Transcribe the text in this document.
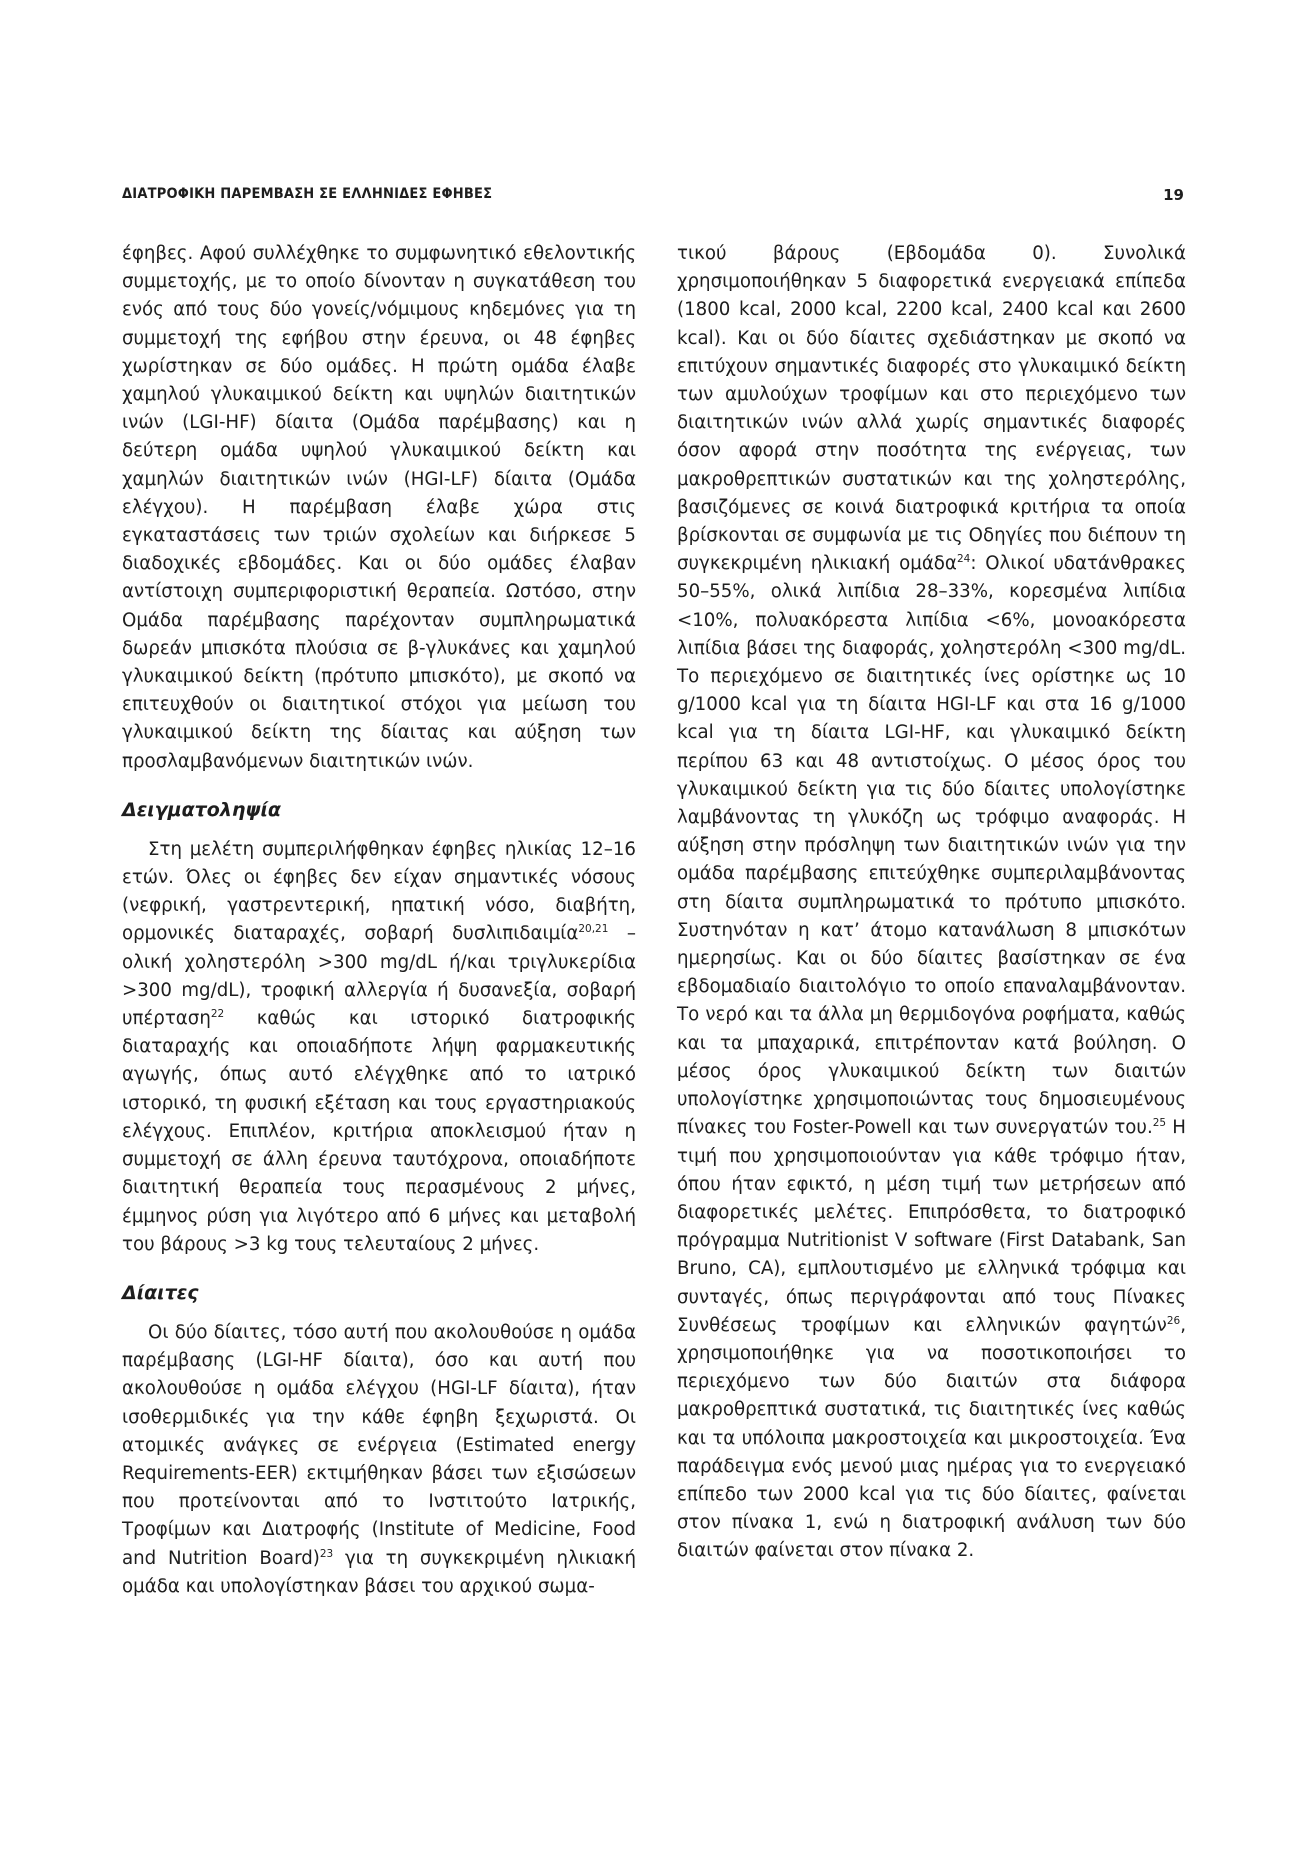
ΔΙΑΤΡΟΦΙΚΗ ΠΑΡΕΜΒΑΣΗ ΣΕ ΕΛΛΗΝΙΔΕΣ ΕΦΗΒΕΣ	19

έφηβες. Αφού συλλέχθηκε το συμφωνητικό εθελοντικής συμμετοχής, με το οποίο δίνονταν η συγκατάθεση του ενός από τους δύο γονείς/νόμιμους κηδεμόνες για τη συμμετοχή της εφήβου στην έρευνα, οι 48 έφηβες χωρίστηκαν σε δύο ομάδες. Η πρώτη ομάδα έλαβε χαμηλού γλυκαιμικού δείκτη και υψηλών διαιτητικών ινών (LGI-HF) δίαιτα (Ομάδα παρέμβασης) και η δεύτερη ομάδα υψηλού γλυκαιμικού δείκτη και χαμηλών διαιτητικών ινών (HGI-LF) δίαιτα (Ομάδα ελέγχου). Η παρέμβαση έλαβε χώρα στις εγκαταστάσεις των τριών σχολείων και διήρκεσε 5 διαδοχικές εβδομάδες. Και οι δύο ομάδες έλαβαν αντίστοιχη συμπεριφοριστική θεραπεία. Ωστόσο, στην Ομάδα παρέμβασης παρέχονταν συμπληρωματικά δωρεάν μπισκότα πλούσια σε β-γλυκάνες και χαμηλού γλυκαιμικού δείκτη (πρότυπο μπισκότο), με σκοπό να επιτευχθούν οι διαιτητικοί στόχοι για μείωση του γλυκαιμικού δείκτη της δίαιτας και αύξηση των προσλαμβανόμενων διαιτητικών ινών.

Δειγματοληψία

Στη μελέτη συμπεριλήφθηκαν έφηβες ηλικίας 12–16 ετών. Όλες οι έφηβες δεν είχαν σημαντικές νόσους (νεφρική, γαστρεντερική, ηπατική νόσο, διαβήτη, ορμονικές διαταραχές, σοβαρή δυσλιπιδαιμία$^{20,21}$ – ολική χοληστερόλη >300 mg/dL ή/και τριγλυκερίδια >300 mg/dL), τροφική αλλεργία ή δυσανεξία, σοβαρή υπέρταση$^{22}$ καθώς και ιστορικό διατροφικής διαταραχής και οποιαδήποτε λήψη φαρμακευτικής αγωγής, όπως αυτό ελέγχθηκε από το ιατρικό ιστορικό, τη φυσική εξέταση και τους εργαστηριακούς ελέγχους. Επιπλέον, κριτήρια αποκλεισμού ήταν η συμμετοχή σε άλλη έρευνα ταυτόχρονα, οποιαδήποτε διαιτητική θεραπεία τους περασμένους 2 μήνες, έμμηνος ρύση για λιγότερο από 6 μήνες και μεταβολή του βάρους >3 kg τους τελευταίους 2 μήνες.

Δίαιτες

Οι δύο δίαιτες, τόσο αυτή που ακολουθούσε η ομάδα παρέμβασης (LGI-HF δίαιτα), όσο και αυτή που ακολουθούσε η ομάδα ελέγχου (HGI-LF δίαιτα), ήταν ισοθερμιδικές για την κάθε έφηβη ξεχωριστά. Οι ατομικές ανάγκες σε ενέργεια (Estimated energy Requirements-EER) εκτιμήθηκαν βάσει των εξισώσεων που προτείνονται από το Ινστιτούτο Ιατρικής, Τροφίμων και Διατροφής (Institute of Medicine, Food and Nutrition Board)$^{23}$ για τη συγκεκριμένη ηλικιακή ομάδα και υπολογίστηκαν βάσει του αρχικού σωμα-

τικού βάρους (Εβδομάδα 0). Συνολικά χρησιμοποιήθηκαν 5 διαφορετικά ενεργειακά επίπεδα (1800 kcal, 2000 kcal, 2200 kcal, 2400 kcal και 2600 kcal). Και οι δύο δίαιτες σχεδιάστηκαν με σκοπό να επιτύχουν σημαντικές διαφορές στο γλυκαιμικό δείκτη των αμυλούχων τροφίμων και στο περιεχόμενο των διαιτητικών ινών αλλά χωρίς σημαντικές διαφορές όσον αφορά στην ποσότητα της ενέργειας, των μακροθρεπτικών συστατικών και της χοληστερόλης, βασιζόμενες σε κοινά διατροφικά κριτήρια τα οποία βρίσκονται σε συμφωνία με τις Οδηγίες που διέπουν τη συγκεκριμένη ηλικιακή ομάδα$^{24}$: Ολικοί υδατάνθρακες 50–55%, ολικά λιπίδια 28–33%, κορεσμένα λιπίδια <10%, πολυακόρεστα λιπίδια <6%, μονοακόρεστα λιπίδια βάσει της διαφοράς, χοληστερόλη <300 mg/dL. Το περιεχόμενο σε διαιτητικές ίνες ορίστηκε ως 10 g/1000 kcal για τη δίαιτα HGI-LF και στα 16 g/1000 kcal για τη δίαιτα LGI-HF, και γλυκαιμικό δείκτη περίπου 63 και 48 αντιστοίχως. Ο μέσος όρος του γλυκαιμικού δείκτη για τις δύο δίαιτες υπολογίστηκε λαμβάνοντας τη γλυκόζη ως τρόφιμο αναφοράς. Η αύξηση στην πρόσληψη των διαιτητικών ινών για την ομάδα παρέμβασης επιτεύχθηκε συμπεριλαμβάνοντας στη δίαιτα συμπληρωματικά το πρότυπο μπισκότο. Συστηνόταν η κατ’ άτομο κατανάλωση 8 μπισκότων ημερησίως. Και οι δύο δίαιτες βασίστηκαν σε ένα εβδομαδιαίο διαιτολόγιο το οποίο επαναλαμβάνονταν. Το νερό και τα άλλα μη θερμιδογόνα ροφήματα, καθώς και τα μπαχαρικά, επιτρέπονταν κατά βούληση. Ο μέσος όρος γλυκαιμικού δείκτη των διαιτών υπολογίστηκε χρησιμοποιώντας τους δημοσιευμένους πίνακες του Foster-Powell και των συνεργατών του.$^{25}$ Η τιμή που χρησιμοποιούνταν για κάθε τρόφιμο ήταν, όπου ήταν εφικτό, η μέση τιμή των μετρήσεων από διαφορετικές μελέτες. Επιπρόσθετα, το διατροφικό πρόγραμμα Nutritionist V software (First Databank, San Bruno, CA), εμπλουτισμένο με ελληνικά τρόφιμα και συνταγές, όπως περιγράφονται από τους Πίνακες Συνθέσεως τροφίμων και ελληνικών φαγητών$^{26}$, χρησιμοποιήθηκε για να ποσοτικοποιήσει το περιεχόμενο των δύο διαιτών στα διάφορα μακροθρεπτικά συστατικά, τις διαιτητικές ίνες καθώς και τα υπόλοιπα μακροστοιχεία και μικροστοιχεία. Ένα παράδειγμα ενός μενού μιας ημέρας για το ενεργειακό επίπεδο των 2000 kcal για τις δύο δίαιτες, φαίνεται στον πίνακα 1, ενώ η διατροφική ανάλυση των δύο διαιτών φαίνεται στον πίνακα 2.
